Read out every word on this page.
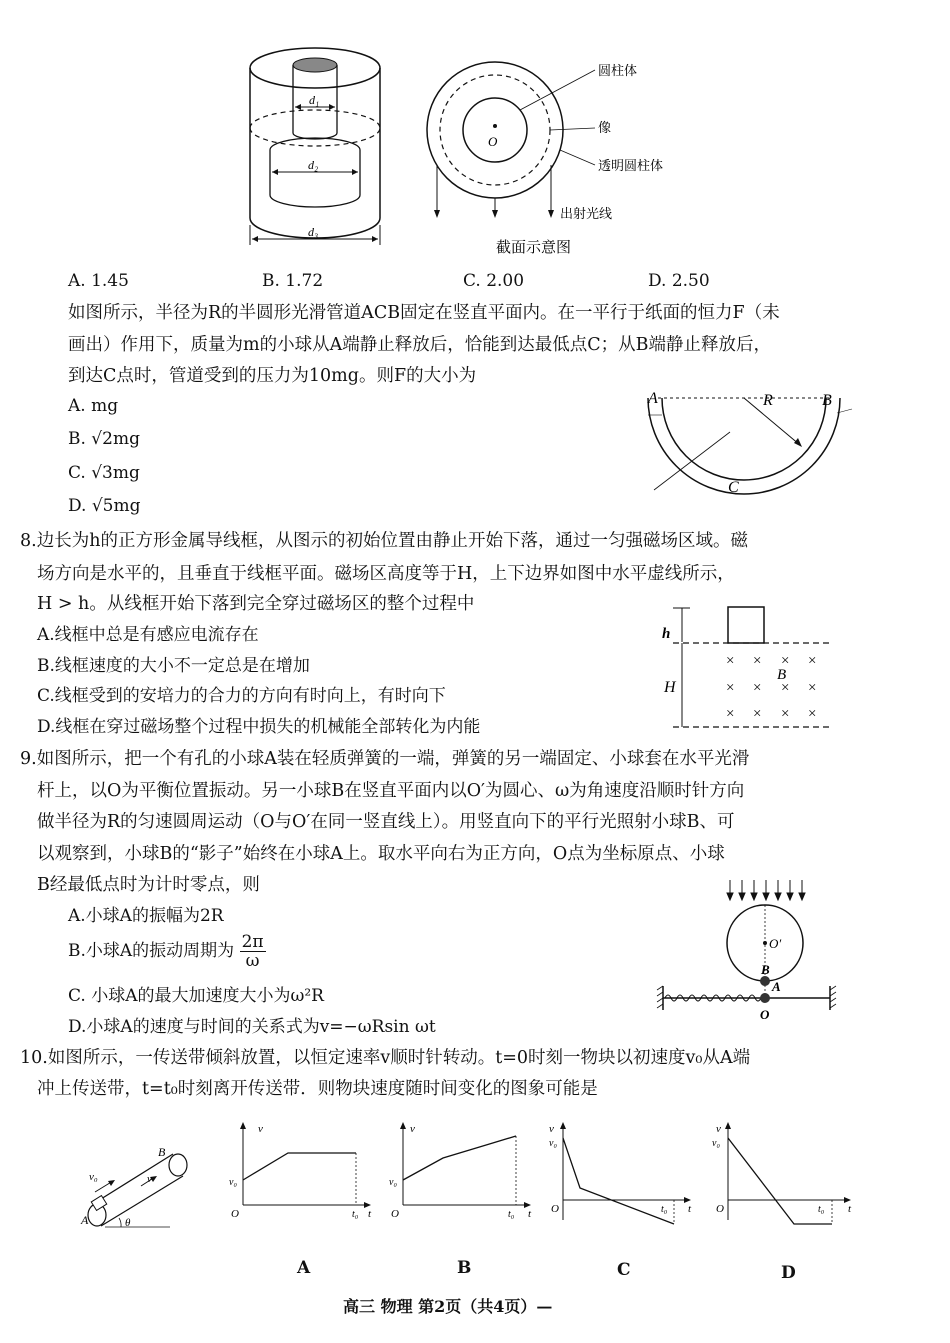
d₁
d₂
d₃
O
圆柱体
像
透明圆柱体
出射光线
截面示意图
A. 1.45	B. 1.72	C. 2.00	D. 2.50
如图所示，半径为R的半圆形光滑管道ACB固定在竖直平面内。在一平行于纸面的恒力F（未
画出）作用下，质量为m的小球从A端静止释放后，恰能到达最低点C；从B端静止释放后，
到达C点时，管道受到的压力为10mg。则F的大小为
A. mg
B. √2mg
C. √3mg
D. √5mg
A	B
R
C
8.边长为h的正方形金属导线框，从图示的初始位置由静止开始下落，通过一匀强磁场区域。磁
场方向是水平的，且垂直于线框平面。磁场区高度等于H，上下边界如图中水平虚线所示，
H > h。从线框开始下落到完全穿过磁场区的整个过程中
A.线框中总是有感应电流存在
B.线框速度的大小不一定总是在增加
C.线框受到的安培力的合力的方向有时向上，有时向下
D.线框在穿过磁场整个过程中损失的机械能全部转化为内能
h
H
× × × ×
× × × ×
× × × ×
B
9.如图所示，把一个有孔的小球A装在轻质弹簧的一端，弹簧的另一端固定、小球套在水平光滑
杆上，以O为平衡位置振动。另一小球B在竖直平面内以O′为圆心、ω为角速度沿顺时针方向
做半径为R的匀速圆周运动（O与O′在同一竖直线上）。用竖直向下的平行光照射小球B、可
以观察到，小球B的“影子”始终在小球A上。取水平向右为正方向，O点为坐标原点、小球
B经最低点时为计时零点，则
A.小球A的振幅为2R
B.小球A的振动周期为 $\frac{2\pi}{\omega}$
C. 小球A的最大加速度大小为ω²R
D.小球A的速度与时间的关系式为v=−ωRsin ωt
O′
B
A
O
10.如图所示，一传送带倾斜放置，以恒定速率v顺时针转动。t=0时刻一物块以初速度v₀从A端
冲上传送带，t=t₀时刻离开传送带．则物块速度随时间变化的图象可能是
v₀	v
A
B
θ
v
v₀
O	t₀ t
v
v₀
O	t₀ t
v
v₀
O	t₀ t
v
v₀
O	t₀ t
A	B	C	D
高三 物理 第2页（共4页）—
